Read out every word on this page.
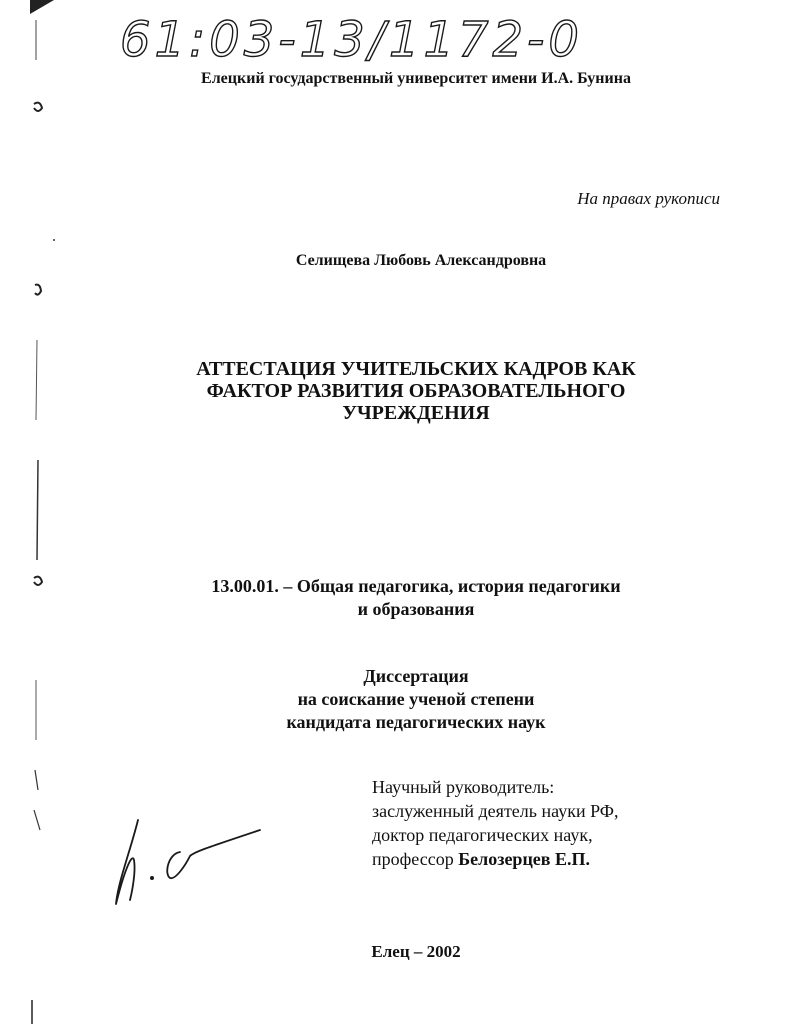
61:03-13/1172-0
Елецкий государственный университет имени И.А. Бунина
На правах рукописи
Селищева Любовь Александровна
АТТЕСТАЦИЯ УЧИТЕЛЬСКИХ КАДРОВ КАК
ФАКТОР РАЗВИТИЯ ОБРАЗОВАТЕЛЬНОГО
УЧРЕЖДЕНИЯ
13.00.01. – Общая педагогика, история педагогики
и образования
Диссертация
на соискание ученой степени
кандидата педагогических наук
Научный руководитель:
заслуженный деятель науки РФ,
доктор педагогических наук,
профессор Белозерцев Е.П.
Елец – 2002
